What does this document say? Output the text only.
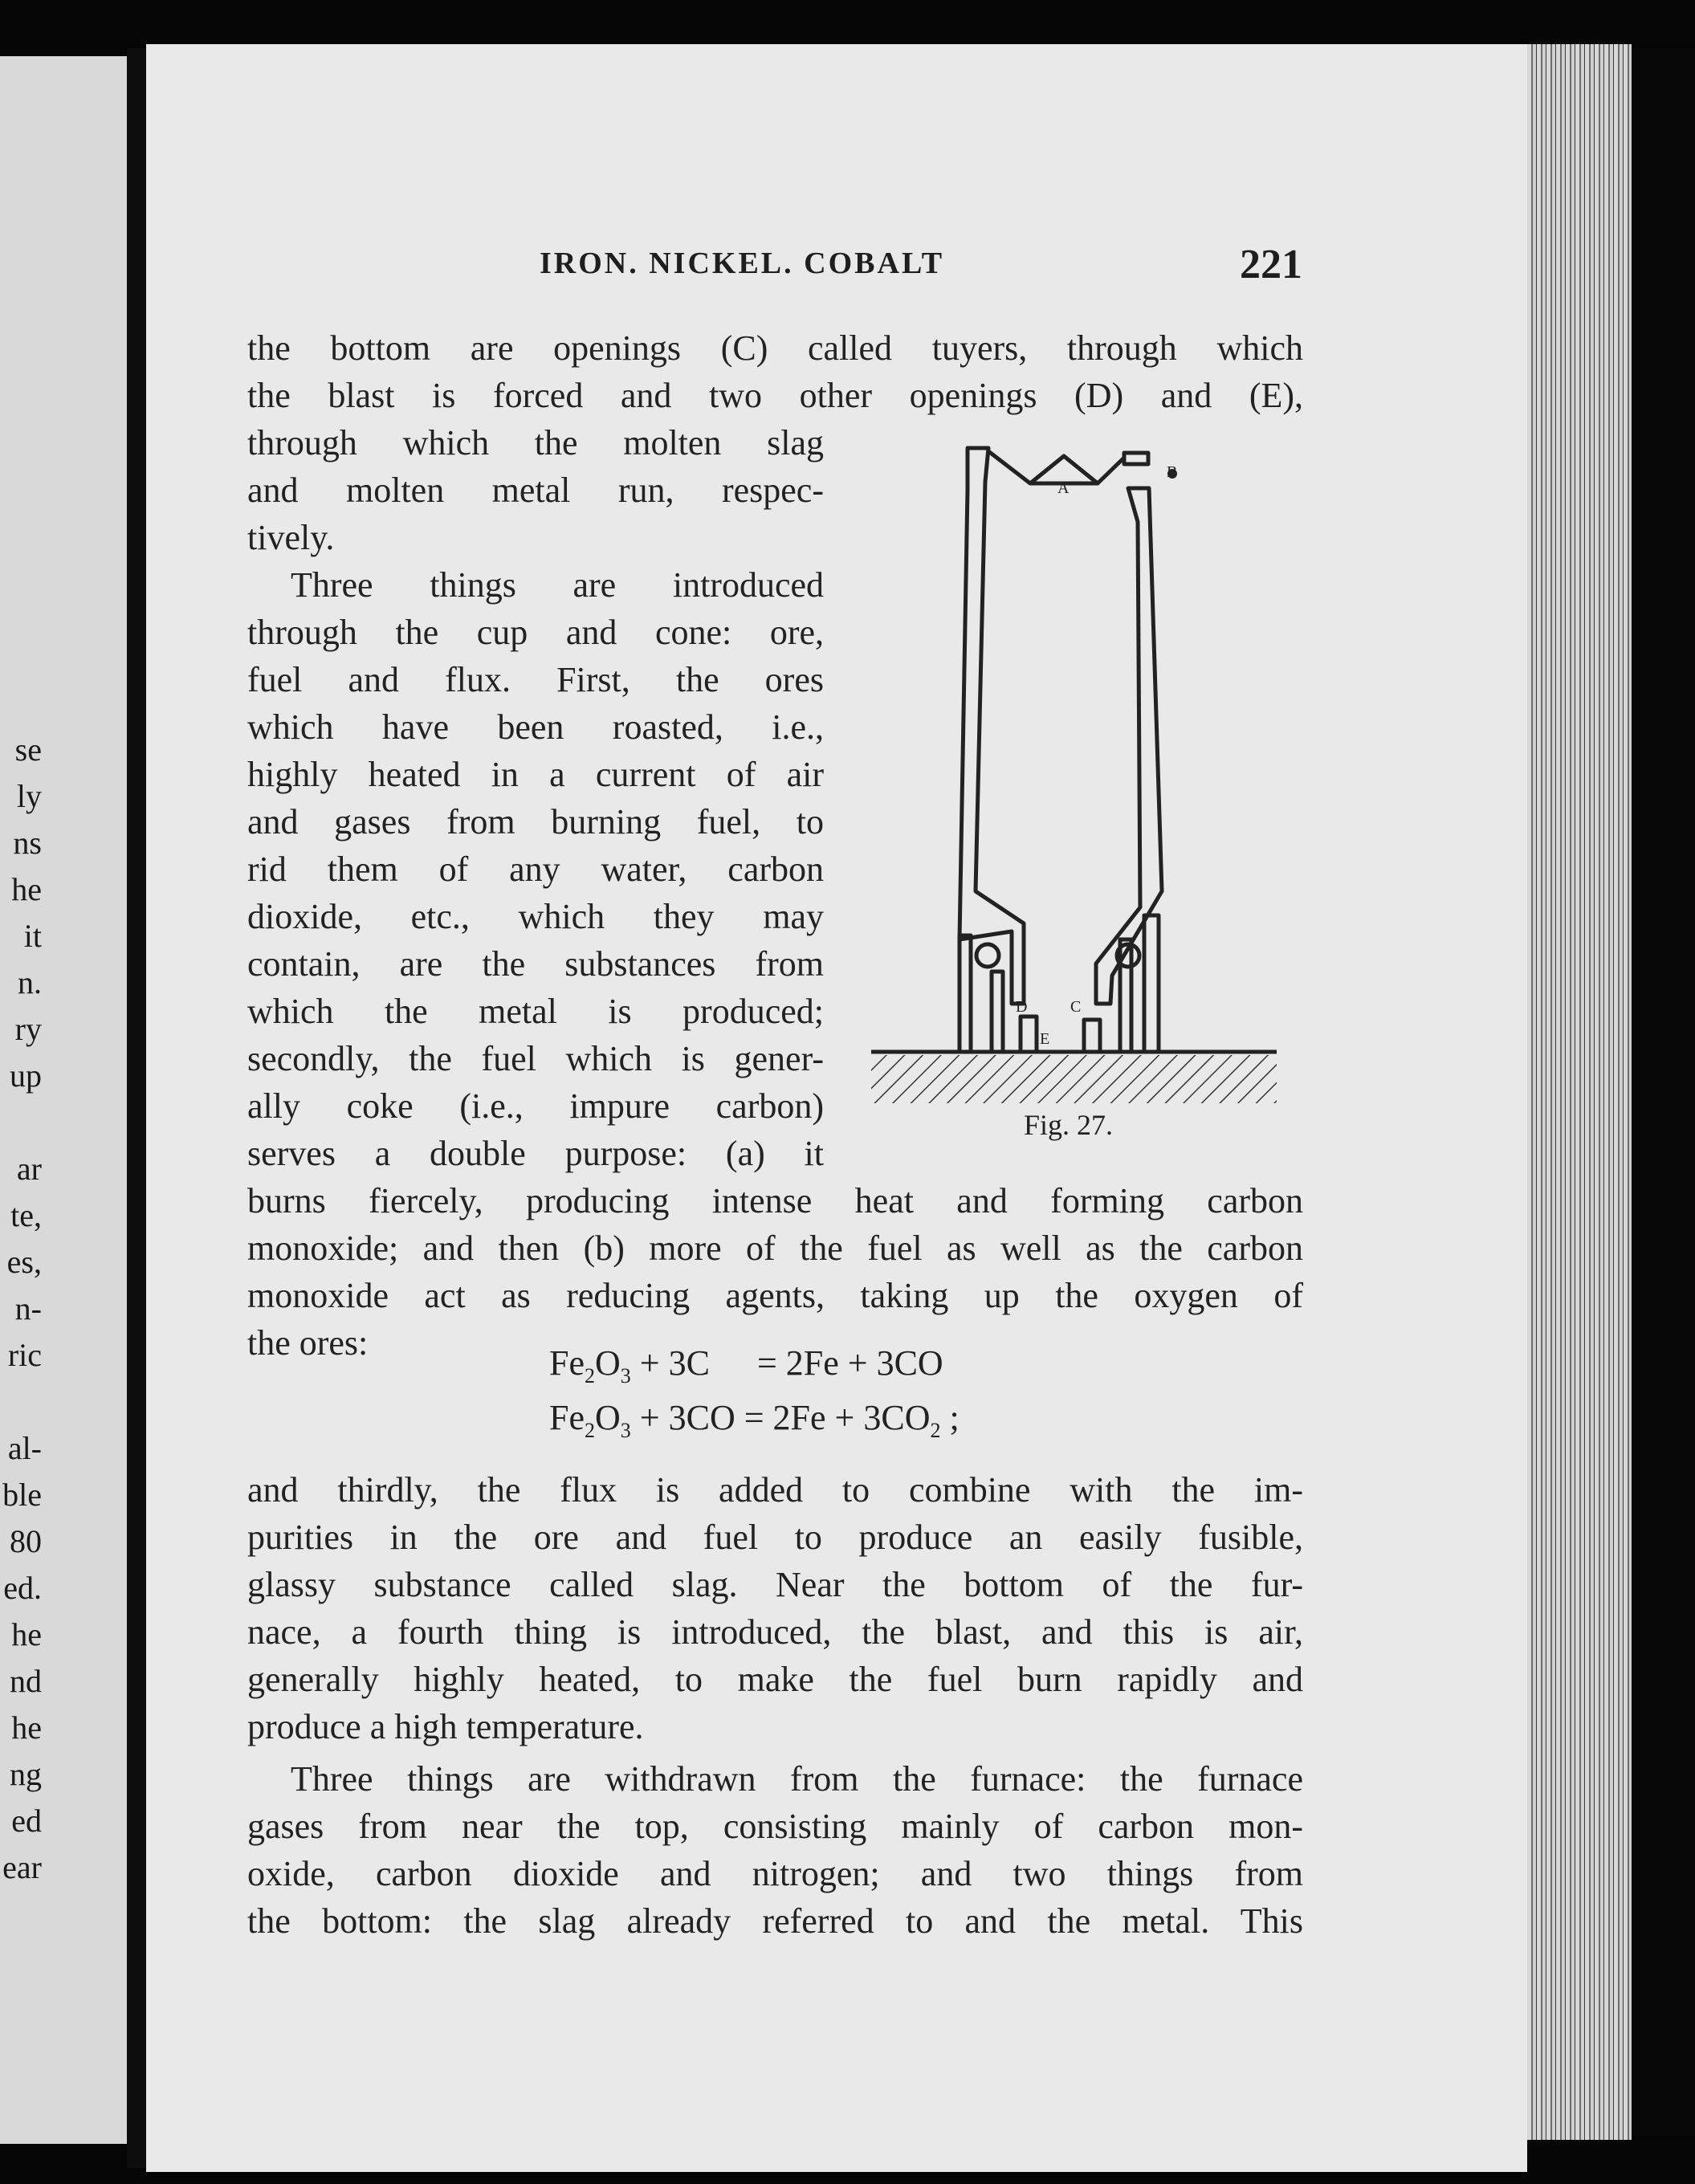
se
ly
ns
he
it
n.
ry
up
ar
te,
es,
n-
ric
al-
ble
80
ed.
he
nd
he
ng
ed
ear
IRON. NICKEL. COBALT	221
the bottom are openings (C) called tuyers, through which
the blast is forced and two other openings (D) and (E),
through which the molten slag
and molten metal run, respec-
tively.
Three things are introduced
through the cup and cone: ore,
fuel and flux. First, the ores
which have been roasted, i.e.,
highly heated in a current of air
and gases from burning fuel, to
rid them of any water, carbon
dioxide, etc., which they may
contain, are the substances from
which the metal is produced;
secondly, the fuel which is gener-
ally coke (i.e., impure carbon)
serves a double purpose: (a) it
burns fiercely, producing intense heat and forming carbon
monoxide; and then (b) more of the fuel as well as the carbon
monoxide act as reducing agents, taking up the oxygen of
the ores:
$Fe_2O_3 + 3C = 2Fe + 3CO$
$Fe_2O_3 + 3CO = 2Fe + 3CO_2$ ;
and thirdly, the flux is added to combine with the im-
purities in the ore and fuel to produce an easily fusible,
glassy substance called slag. Near the bottom of the fur-
nace, a fourth thing is introduced, the blast, and this is air,
generally highly heated, to make the fuel burn rapidly and
produce a high temperature.
Three things are withdrawn from the furnace: the furnace
gases from near the top, consisting mainly of carbon mon-
oxide, carbon dioxide and nitrogen; and two things from
the bottom: the slag already referred to and the metal. This
A
B
C
D
E
Fig. 27.
